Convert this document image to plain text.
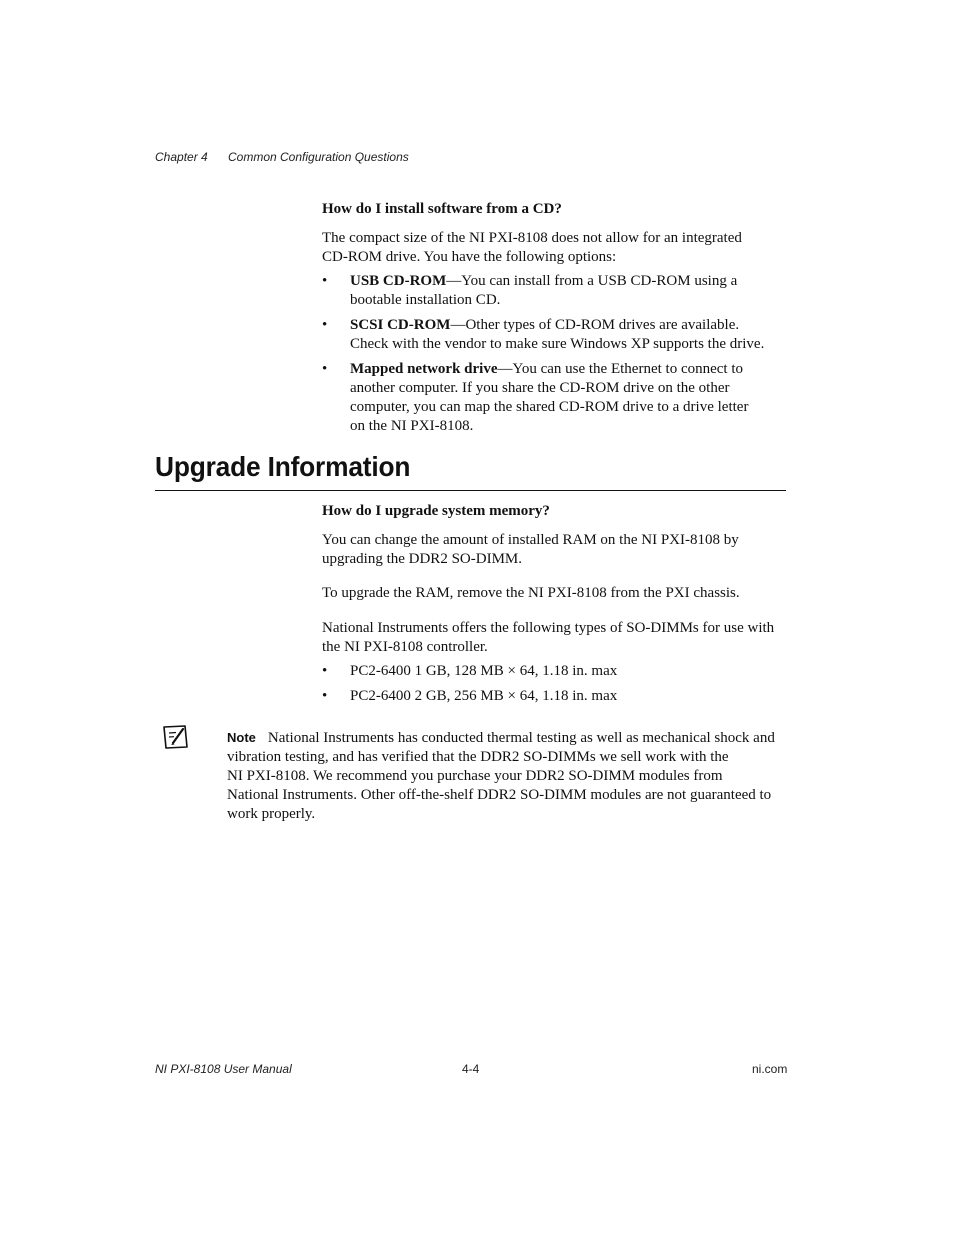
Chapter 4 Common Configuration Questions
How do I install software from a CD?
The compact size of the NI PXI-8108 does not allow for an integrated
CD-ROM drive. You have the following options:
• USB CD-ROM—You can install from a USB CD-ROM using a
bootable installation CD.
• SCSI CD-ROM—Other types of CD-ROM drives are available.
Check with the vendor to make sure Windows XP supports the drive.
• Mapped network drive—You can use the Ethernet to connect to
another computer. If you share the CD-ROM drive on the other
computer, you can map the shared CD-ROM drive to a drive letter
on the NI PXI-8108.
Upgrade Information
How do I upgrade system memory?
You can change the amount of installed RAM on the NI PXI-8108 by
upgrading the DDR2 SO-DIMM.
To upgrade the RAM, remove the NI PXI-8108 from the PXI chassis.
National Instruments offers the following types of SO-DIMMs for use with
the NI PXI-8108 controller.
• PC2-6400 1 GB, 128 MB × 64, 1.18 in. max
• PC2-6400 2 GB, 256 MB × 64, 1.18 in. max
Note National Instruments has conducted thermal testing as well as mechanical shock and
vibration testing, and has verified that the DDR2 SO-DIMMs we sell work with the
NI PXI-8108. We recommend you purchase your DDR2 SO-DIMM modules from
National Instruments. Other off-the-shelf DDR2 SO-DIMM modules are not guaranteed to
work properly.
NI PXI-8108 User Manual	4-4	ni.com
